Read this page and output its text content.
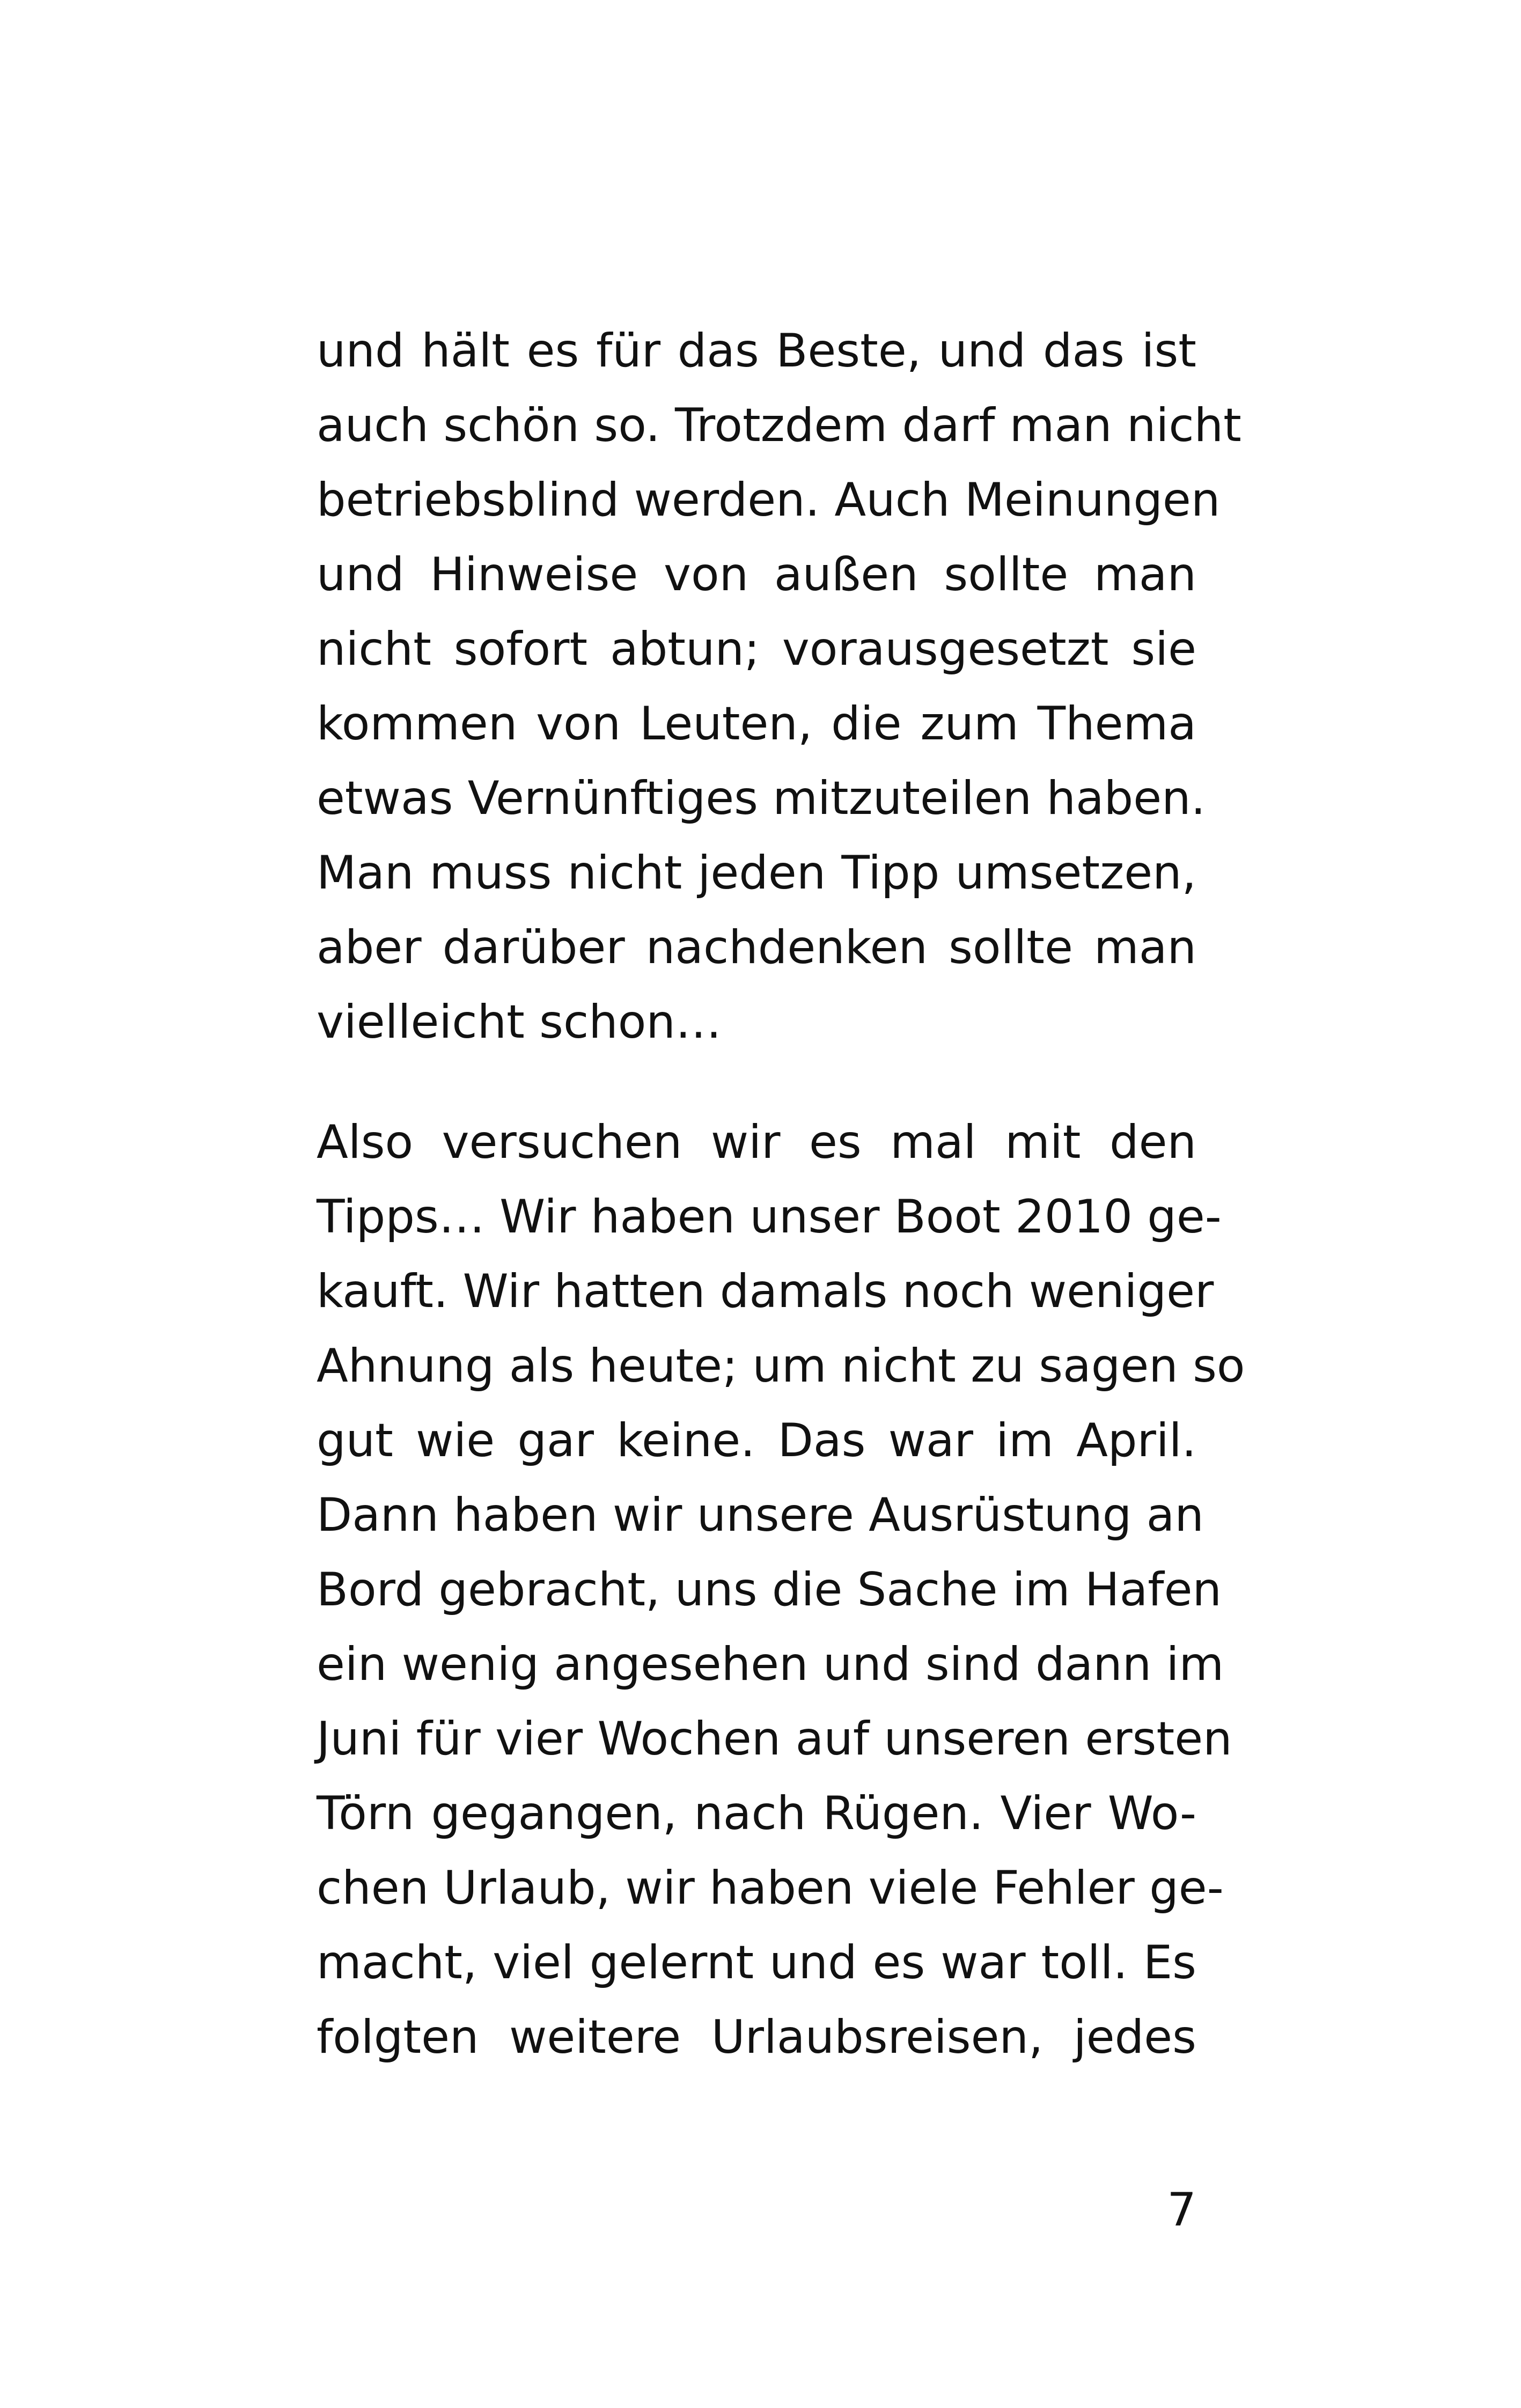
und hält es für das Beste, und das ist
auch schön so. Trotzdem darf man nicht
betriebsblind werden. Auch Meinungen
und Hinweise von außen sollte man
nicht sofort abtun; vorausgesetzt sie
kommen von Leuten, die zum Thema
etwas Vernünftiges mitzuteilen haben.
Man muss nicht jeden Tipp umsetzen,
aber darüber nachdenken sollte man
vielleicht schon…
Also versuchen wir es mal mit den
Tipps… Wir haben unser Boot 2010 ge-
kauft. Wir hatten damals noch weniger
Ahnung als heute; um nicht zu sagen so
gut wie gar keine. Das war im April.
Dann haben wir unsere Ausrüstung an
Bord gebracht, uns die Sache im Hafen
ein wenig angesehen und sind dann im
Juni für vier Wochen auf unseren ersten
Törn gegangen, nach Rügen. Vier Wo-
chen Urlaub, wir haben viele Fehler ge-
macht, viel gelernt und es war toll. Es
folgten weitere Urlaubsreisen, jedes
7
